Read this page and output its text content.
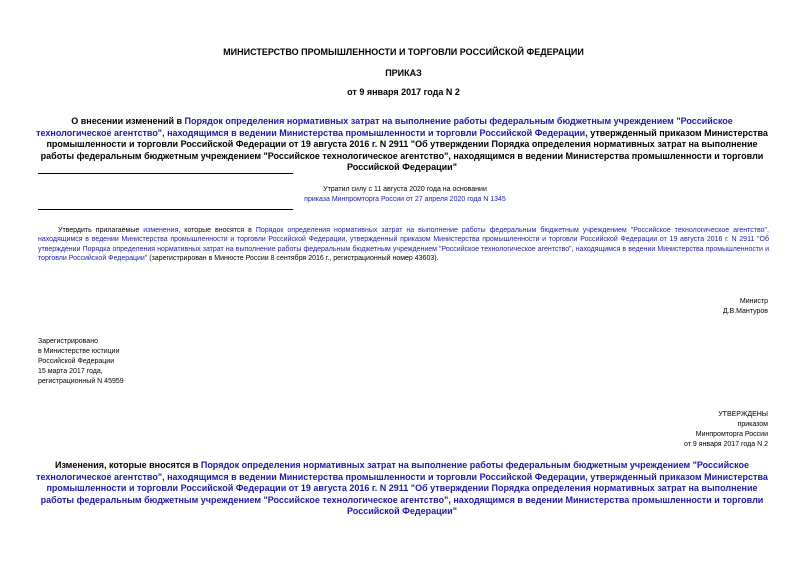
МИНИСТЕРСТВО ПРОМЫШЛЕННОСТИ И ТОРГОВЛИ РОССИЙСКОЙ ФЕДЕРАЦИИ
ПРИКАЗ
от 9 января 2017 года N 2
О внесении изменений в Порядок определения нормативных затрат на выполнение работы федеральным бюджетным учреждением "Российское технологическое агентство", находящимся в ведении Министерства промышленности и торговли Российской Федерации, утвержденный приказом Министерства промышленности и торговли Российской Федерации от 19 августа 2016 г. N 2911 "Об утверждении Порядка определения нормативных затрат на выполнение работы федеральным бюджетным учреждением "Российское технологическое агентство", находящимся в ведении Министерства промышленности и торговли Российской Федерации"
Утратил силу с 11 августа 2020 года на основании
приказа Минпромторга России от 27 апреля 2020 года N 1345
Утвердить прилагаемые изменения, которые вносятся в Порядок определения нормативных затрат на выполнение работы федеральным бюджетным учреждением "Российское технологическое агентство", находящимся в ведении Министерства промышленности и торговли Российской Федерации, утвержденный приказом Министерства промышленности и торговли Российской Федерации от 19 августа 2016 г. N 2911 "Об утверждении Порядка определения нормативных затрат на выполнение работы федеральным бюджетным учреждением "Российское технологическое агентство", находящимся в ведении Министерства промышленности и торговли Российской Федерации" (зарегистрирован в Минюсте России 8 сентября 2016 г., регистрационный номер 43603).
Министр
Д.В.Мантуров
Зарегистрировано
в Министерстве юстиции
Российской Федерации
15 марта 2017 года,
регистрационный N 45959
УТВЕРЖДЕНЫ
приказом
Минпромторга России
от 9 января 2017 года N 2
Изменения, которые вносятся в Порядок определения нормативных затрат на выполнение работы федеральным бюджетным учреждением "Российское технологическое агентство", находящимся в ведении Министерства промышленности и торговли Российской Федерации, утвержденный приказом Министерства промышленности и торговли Российской Федерации от 19 августа 2016 г. N 2911 "Об утверждении Порядка определения нормативных затрат на выполнение работы федеральным бюджетным учреждением "Российское технологическое агентство", находящимся в ведении Министерства промышленности и торговли Российской Федерации"
